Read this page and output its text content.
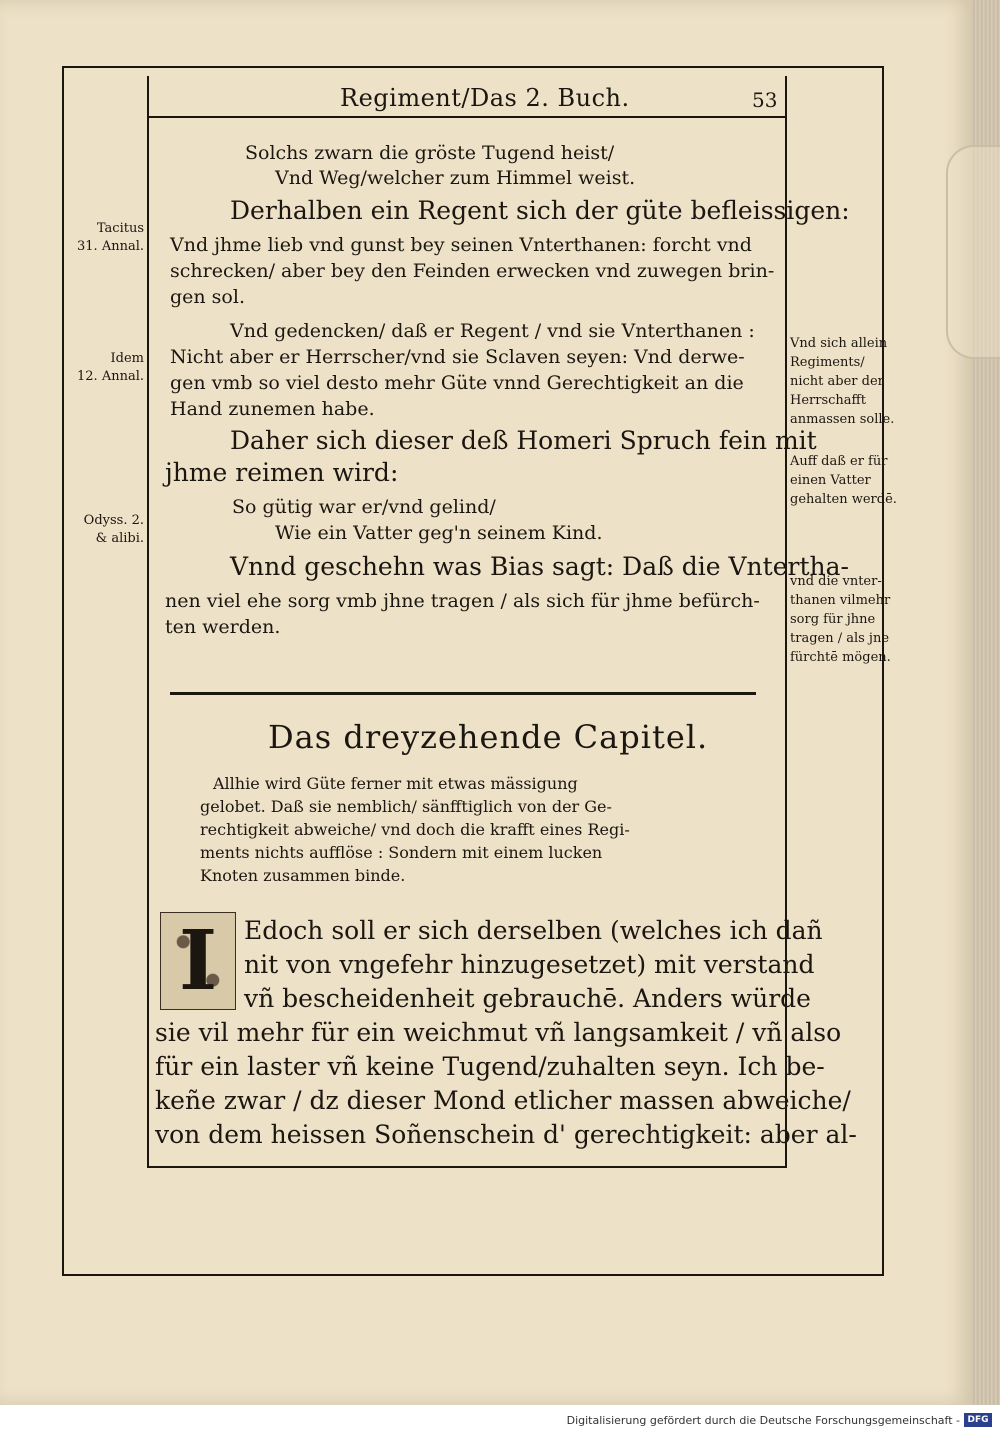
Regiment/Das 2. Buch.	53
Solchs zwarn die gröste Tugend heist/
Vnd Weg/welcher zum Himmel weist.
Derhalben ein Regent sich der güte befleissigen:
Vnd jhme lieb vnd gunst bey seinen Vnterthanen: forcht vnd
schrecken/ aber bey den Feinden erwecken vnd zuwegen brin-
gen sol.
Vnd gedencken/ daß er Regent / vnd sie Vnterthanen :
Nicht aber er Herrscher/vnd sie Sclaven seyen: Vnd derwe-
gen vmb so viel desto mehr Güte vnnd Gerechtigkeit an die
Hand zunemen habe.
Daher sich dieser deß Homeri Spruch fein mit
jhme reimen wird:
So gütig war er/vnd gelind/
Wie ein Vatter geg'n seinem Kind.
Vnnd geschehn was Bias sagt: Daß die Vntertha-
nen viel ehe sorg vmb jhne tragen / als sich für jhme befürch-
ten werden.
Tacitus
31. Annal.
Idem
12. Annal.
Odyss. 2.
& alibi.
Vnd sich allein
Regiments/
nicht aber der
Herrschafft
anmassen solle.
Auff daß er für
einen Vatter
gehalten werdē.
vnd die vnter-
thanen vilmehr
sorg für jhne
tragen / als jne
fürchtē mögen.
Das dreyzehende Capitel.
Allhie wird Güte ferner mit etwas mässigung
gelobet. Daß sie nemblich/ sänfftiglich von der Ge-
rechtigkeit abweiche/ vnd doch die krafft eines Regi-
ments nichts aufflöse : Sondern mit einem lucken
Knoten zusammen binde.
I	Edoch soll er sich derselben (welches ich dañ
nit von vngefehr hinzugesetzet) mit verstand
vñ bescheidenheit gebrauchē. Anders würde
sie vil mehr für ein weichmut vñ langsamkeit / vñ also
für ein laster vñ keine Tugend/zuhalten seyn. Ich be-
keñe zwar / dz dieser Mond etlicher massen abweiche/
von dem heissen Soñenschein d' gerechtigkeit: aber al-
Digitalisierung gefördert durch die Deutsche Forschungsgemeinschaft - DFG
